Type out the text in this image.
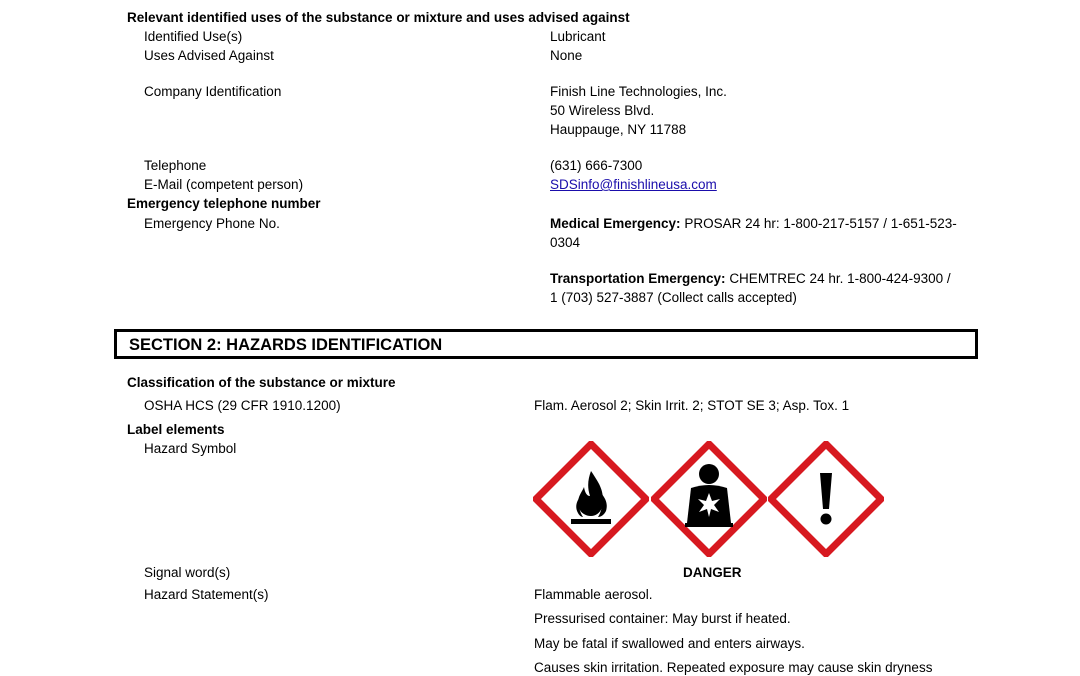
Relevant identified uses of the substance or mixture and uses advised against
Identified Use(s)	Lubricant
Uses Advised Against	None
Company Identification	Finish Line Technologies, Inc.
50 Wireless Blvd.
Hauppauge, NY 11788
Telephone	(631) 666-7300
E-Mail (competent person)	SDSinfo@finishlineusa.com
Emergency telephone number
Emergency Phone No.	Medical Emergency: PROSAR 24 hr: 1-800-217-5157 / 1-651-523-
0304
Transportation Emergency: CHEMTREC 24 hr. 1-800-424-9300 /
1 (703) 527-3887 (Collect calls accepted)
SECTION 2: HAZARDS IDENTIFICATION
Classification of the substance or mixture
OSHA HCS (29 CFR 1910.1200)	Flam. Aerosol 2; Skin Irrit. 2; STOT SE 3; Asp. Tox. 1
Label elements
Hazard Symbol
Signal word(s)	DANGER
Hazard Statement(s)	Flammable aerosol.
Pressurised container: May burst if heated.
May be fatal if swallowed and enters airways.
Causes skin irritation. Repeated exposure may cause skin dryness
